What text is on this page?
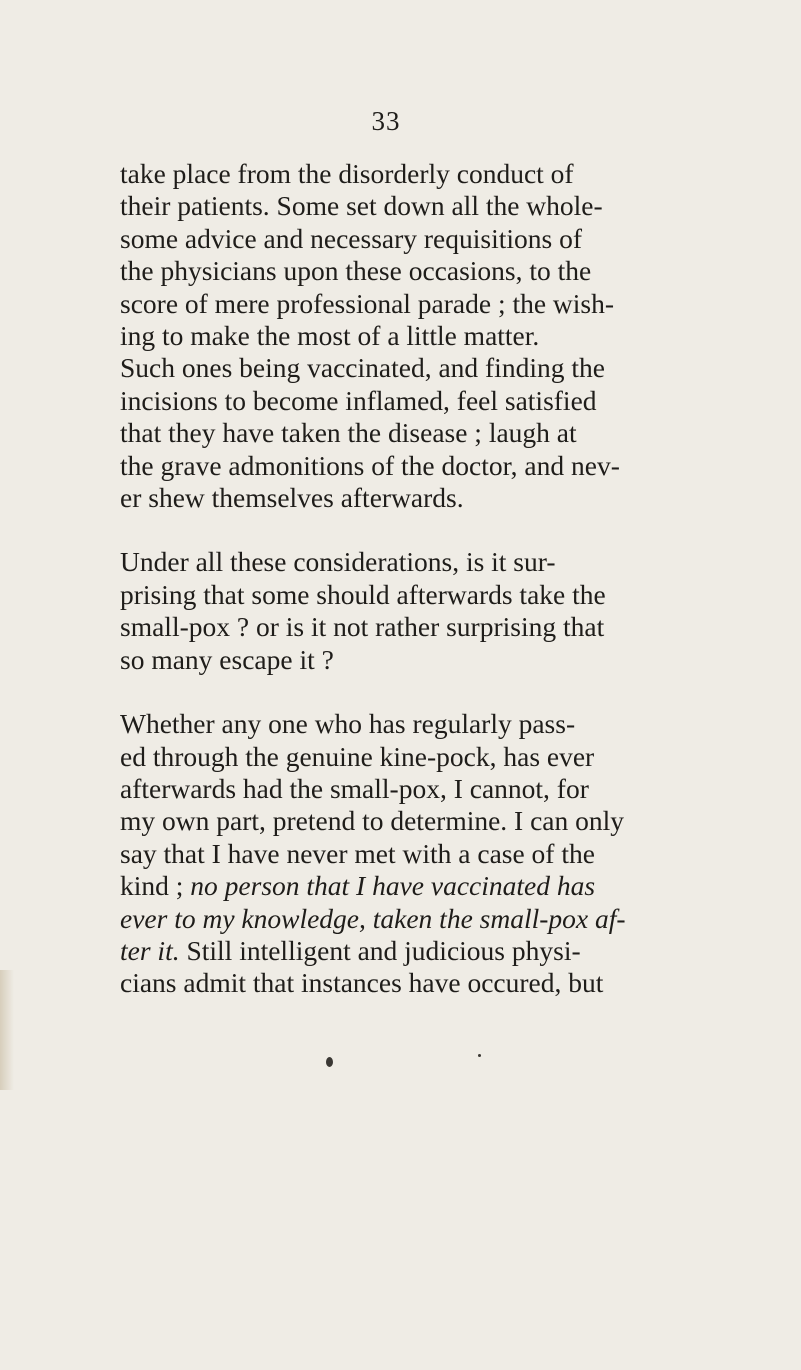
33
take place from the disorderly conduct of
their patients. Some set down all the whole-
some advice and necessary requisitions of
the physicians upon these occasions, to the
score of mere professional parade ; the wish-
ing to make the most of a little matter.
Such ones being vaccinated, and finding the
incisions to become inflamed, feel satisfied
that they have taken the disease ; laugh at
the grave admonitions of the doctor, and nev-
er shew themselves afterwards.
Under all these considerations, is it sur-
prising that some should afterwards take the
small-pox ? or is it not rather surprising that
so many escape it ?
Whether any one who has regularly pass-
ed through the genuine kine-pock, has ever
afterwards had the small-pox, I cannot, for
my own part, pretend to determine. I can only
say that I have never met with a case of the
kind ; no person that I have vaccinated has
ever to my knowledge, taken the small-pox af-
ter it. Still intelligent and judicious physi-
cians admit that instances have occured, but
